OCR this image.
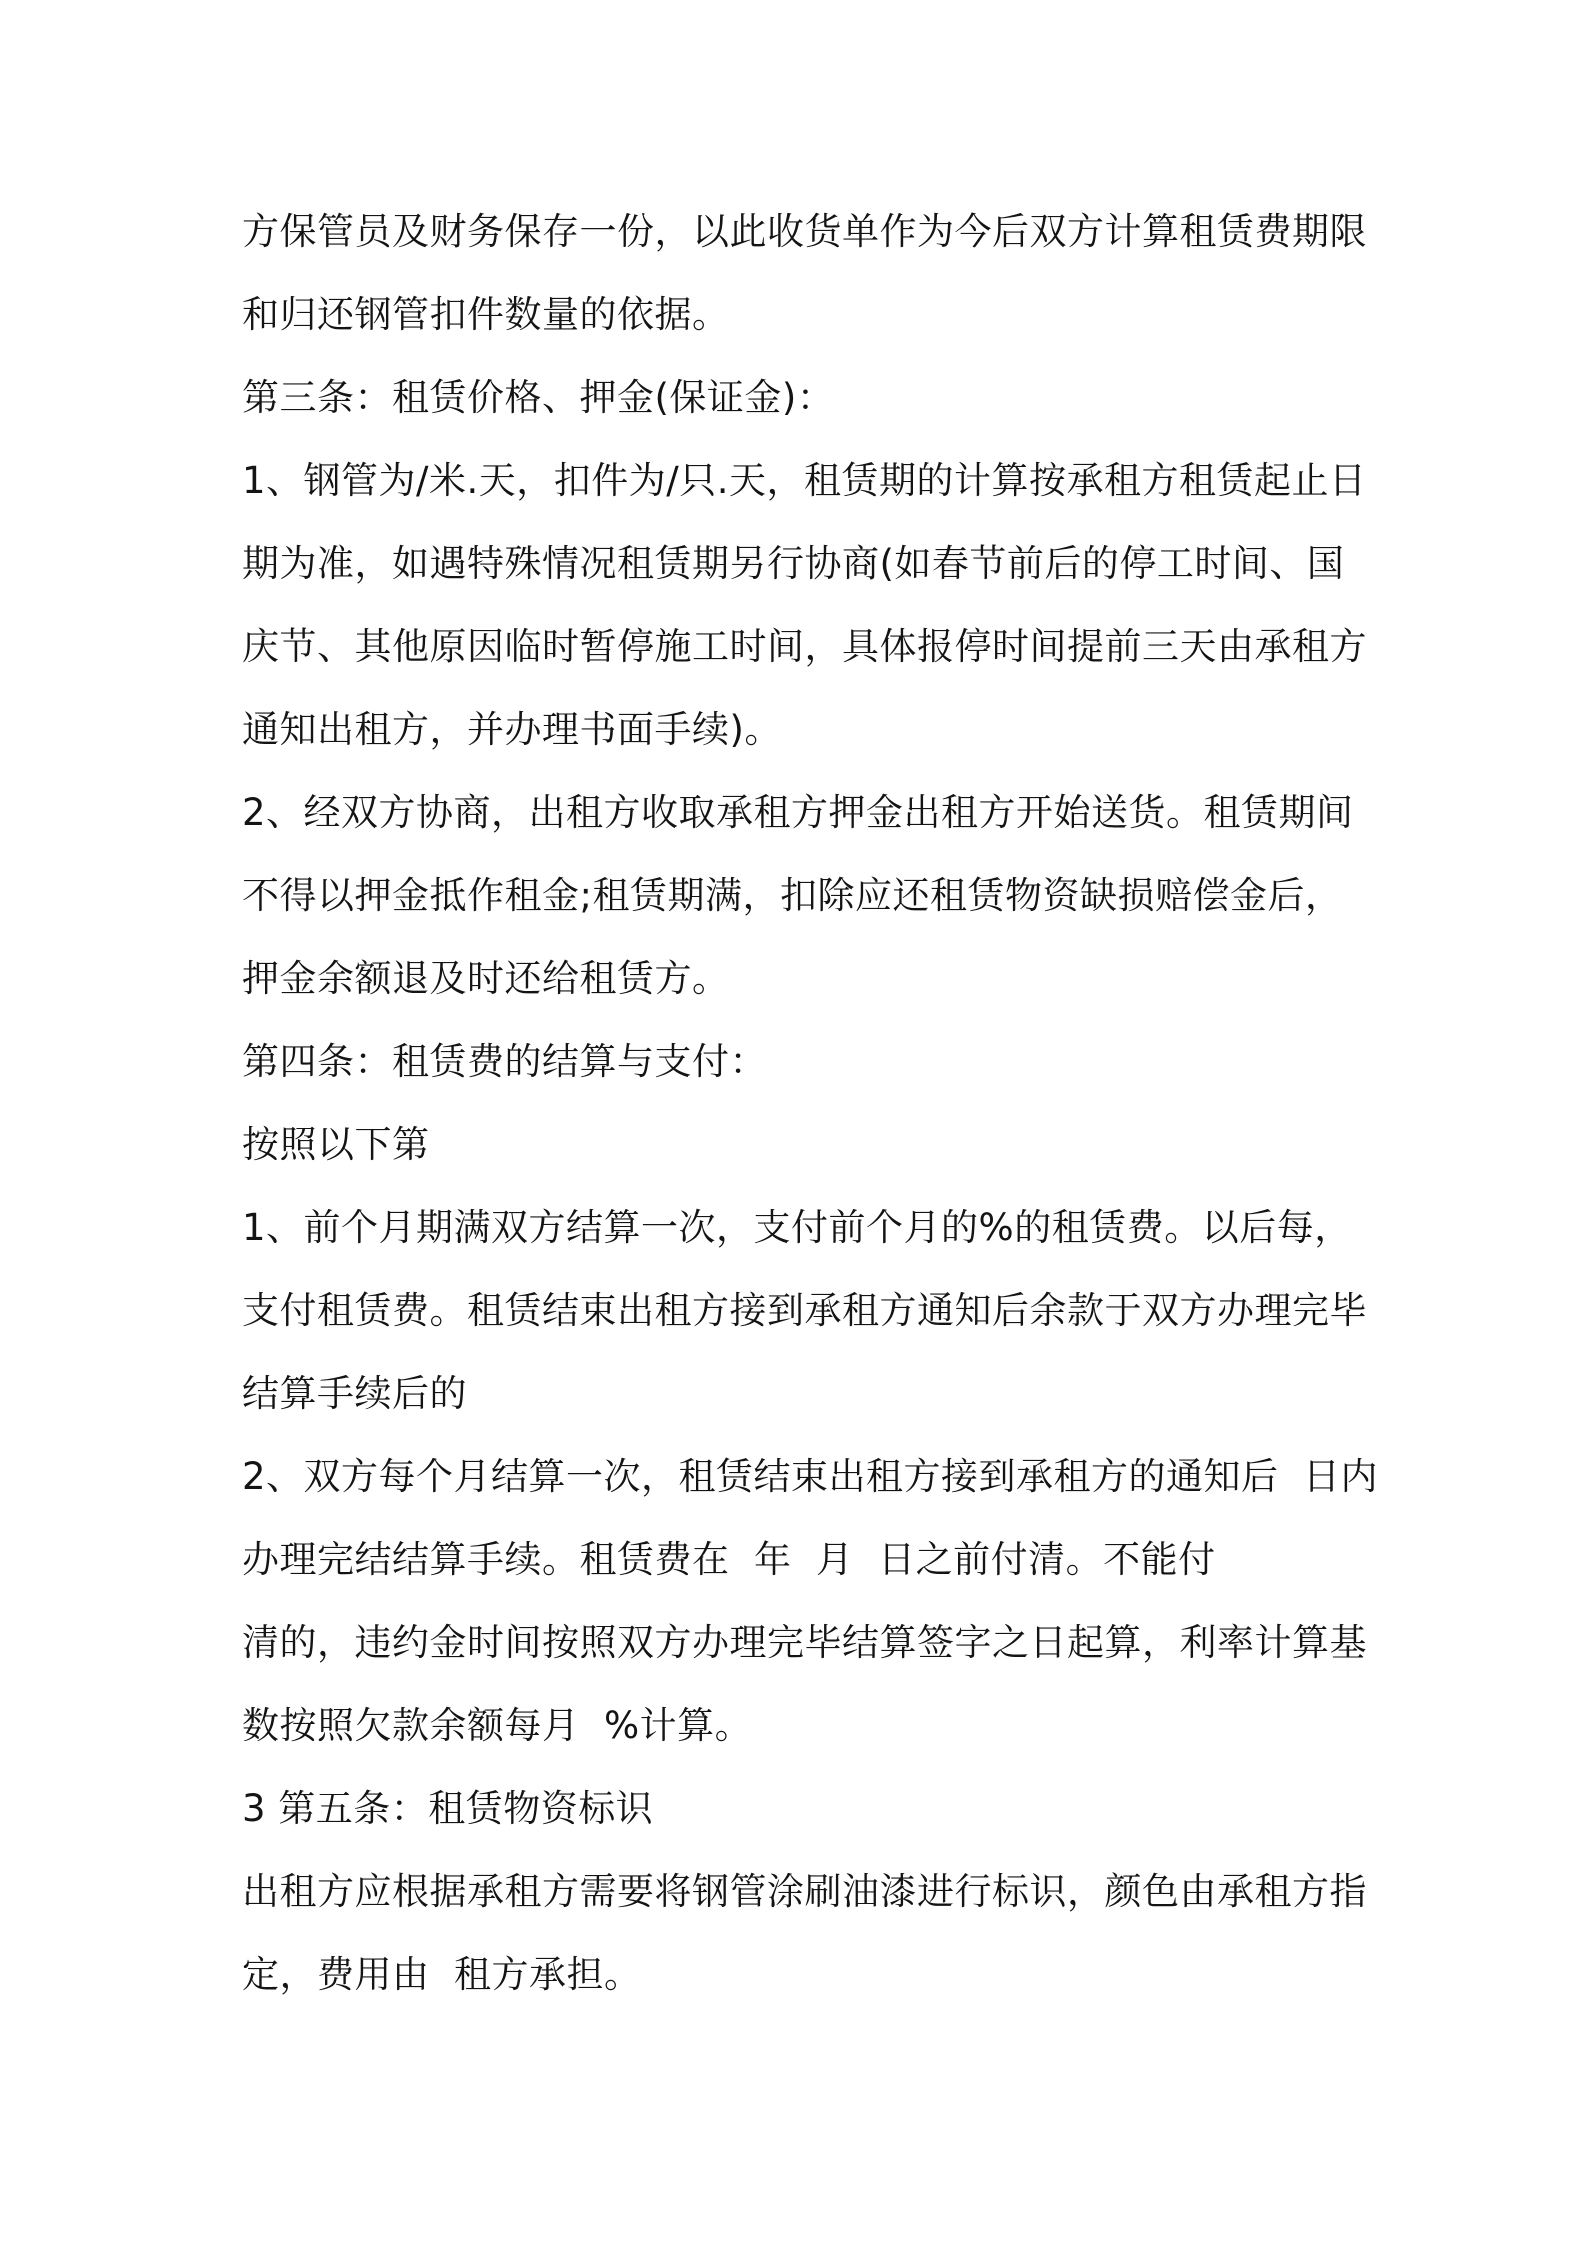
方保管员及财务保存一份，以此收货单作为今后双方计算租赁费期限
和归还钢管扣件数量的依据。
第三条：租赁价格、押金(保证金)：
1、钢管为/米.天，扣件为/只.天，租赁期的计算按承租方租赁起止日
期为准，如遇特殊情况租赁期另行协商(如春节前后的停工时间、国
庆节、其他原因临时暂停施工时间，具体报停时间提前三天由承租方
通知出租方，并办理书面手续)。
2、经双方协商，出租方收取承租方押金出租方开始送货。租赁期间
不得以押金抵作租金;租赁期满，扣除应还租赁物资缺损赔偿金后，
押金余额退及时还给租赁方。
第四条：租赁费的结算与支付：
按照以下第
1、前个月期满双方结算一次，支付前个月的%的租赁费。以后每，
支付租赁费。租赁结束出租方接到承租方通知后余款于双方办理完毕
结算手续后的
2、双方每个月结算一次，租赁结束出租方接到承租方的通知后  日内
办理完结结算手续。租赁费在  年  月  日之前付清。不能付
清的，违约金时间按照双方办理完毕结算签字之日起算，利率计算基
数按照欠款余额每月  %计算。
3 第五条：租赁物资标识
出租方应根据承租方需要将钢管涂刷油漆进行标识，颜色由承租方指
定，费用由  租方承担。
